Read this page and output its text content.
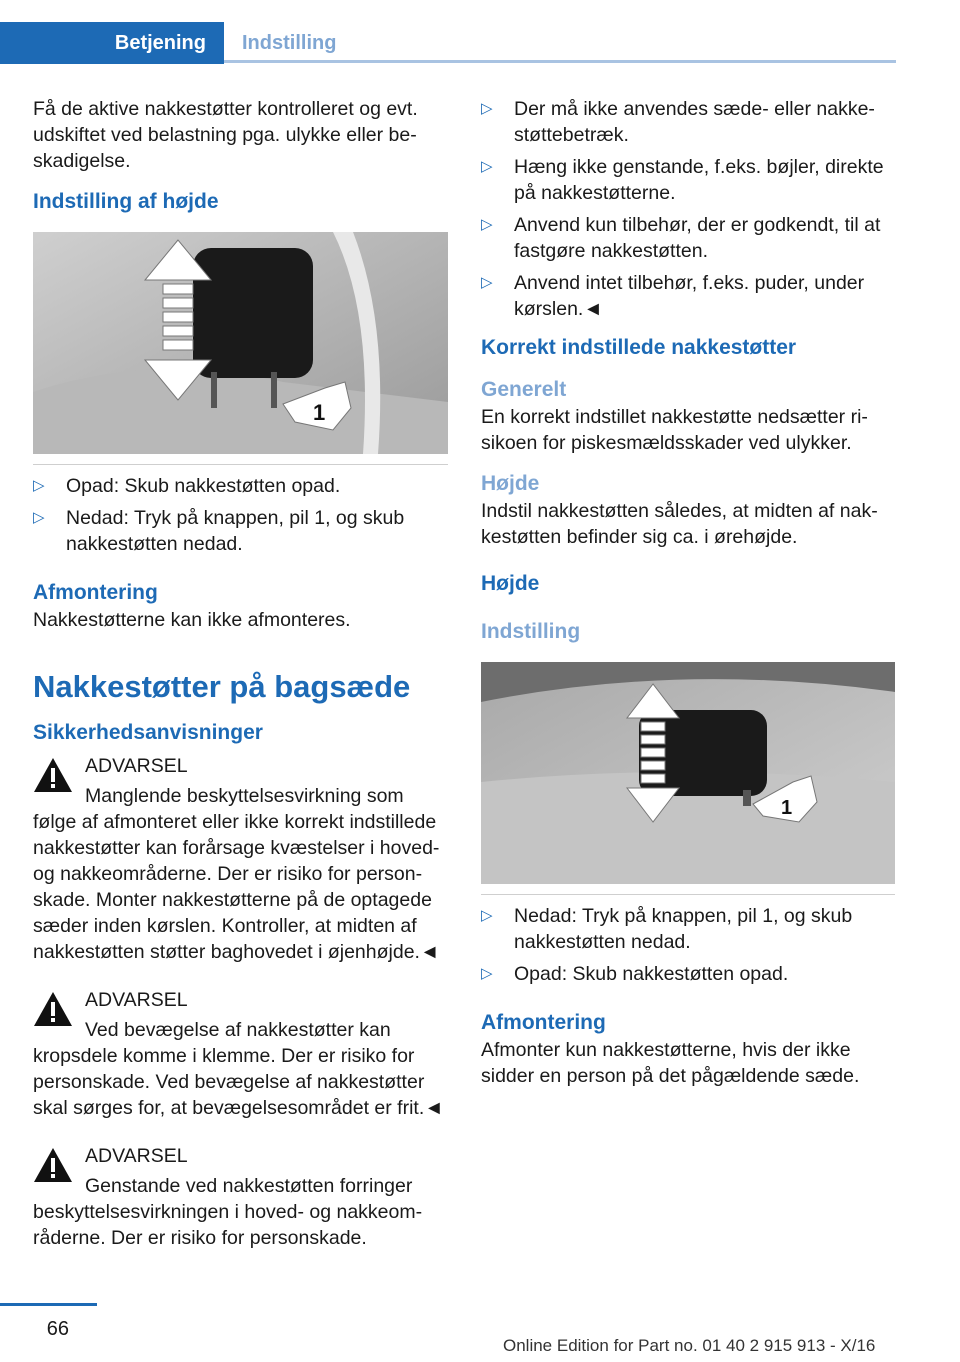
Betjening	Indstilling

Få de aktive nakkestøtter kontrolleret og evt. udskiftet ved belastning pga. ulykke eller beskadigelse.

Indstilling af højde
1
▷	Opad: Skub nakkestøtten opad.
▷	Nedad: Tryk på knappen, pil 1, og skub nakkestøtten nedad.
Afmontering

Nakkestøtterne kan ikke afmonteres.

Nakkestøtter på bagsæde
Sikkerhedsanvisninger
ADVARSEL
Manglende beskyttelsesvirkning som følge af afmonteret eller ikke korrekt indstillede nakkestøtter kan forårsage kvæstelser i hoved- og nakkeområderne. Der er risiko for personskade. Monter nakkestøtterne på de optagede sæder inden kørslen. Kontroller, at midten af nakkestøtten støtter baghovedet i øjenhøjde.◄
ADVARSEL
Ved bevægelse af nakkestøtter kan kropsdele komme i klemme. Der er risiko for personskade. Ved bevægelse af nakkestøtter skal sørges for, at bevægelsesområdet er frit.◄
ADVARSEL
Genstande ved nakkestøtten forringer beskyttelsesvirkningen i hoved- og nakkeområderne. Der er risiko for personskade.
▷	Der må ikke anvendes sæde- eller nakkestøttebetræk.
▷	Hæng ikke genstande, f.eks. bøjler, direkte på nakkestøtterne.
▷	Anvend kun tilbehør, der er godkendt, til at fastgøre nakkestøtten.
▷	Anvend intet tilbehør, f.eks. puder, under kørslen.◄
Korrekt indstillede nakkestøtter
Generelt

En korrekt indstillet nakkestøtte nedsætter risikoen for piskesmældsskader ved ulykker.

Højde

Indstil nakkestøtten således, at midten af nakkestøtten befinder sig ca. i ørehøjde.

Højde
Indstilling
1
▷	Nedad: Tryk på knappen, pil 1, og skub nakkestøtten nedad.
▷	Opad: Skub nakkestøtten opad.
Afmontering

Afmonter kun nakkestøtterne, hvis der ikke sidder en person på det pågældende sæde.

66
Online Edition for Part no. 01 40 2 915 913 - X/16
